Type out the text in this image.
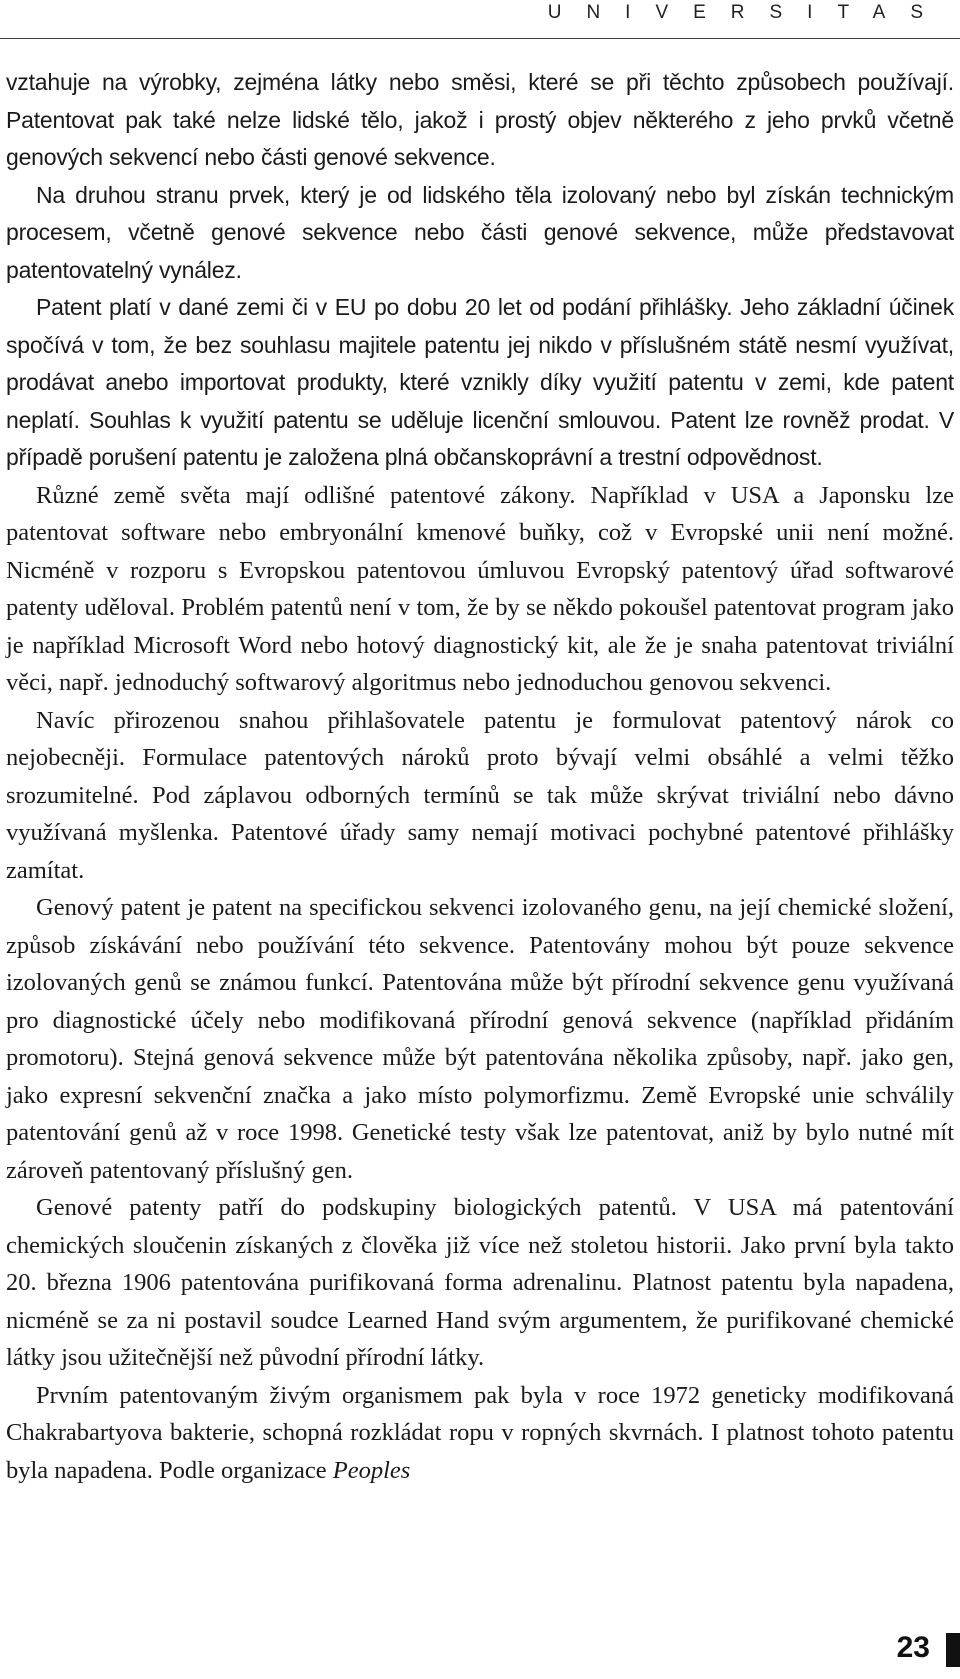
UNIVERSITAS

vztahuje na výrobky, zejména látky nebo směsi, které se při těchto způsobech používají. Patentovat pak také nelze lidské tělo, jakož i prostý objev některého z jeho prvků včetně genových sekvencí nebo části genové sekvence.

Na druhou stranu prvek, který je od lidského těla izolovaný nebo byl získán technickým procesem, včetně genové sekvence nebo části genové sekvence, může představovat patentovatelný vynález.

Patent platí v dané zemi či v EU po dobu 20 let od podání přihlášky. Jeho základní účinek spočívá v tom, že bez souhlasu majitele patentu jej nikdo v příslušném státě nesmí využívat, prodávat anebo importovat produkty, které vznikly díky využití patentu v zemi, kde patent neplatí. Souhlas k využití patentu se uděluje licenční smlouvou. Patent lze rovněž prodat. V případě porušení patentu je založena plná občanskoprávní a trestní odpovědnost.

Různé země světa mají odlišné patentové zákony. Například v USA a Japonsku lze patentovat software nebo embryonální kmenové buňky, což v Evropské unii není možné. Nicméně v rozporu s Evropskou patentovou úmluvou Evropský patentový úřad softwarové patenty uděloval. Problém patentů není v tom, že by se někdo pokoušel patentovat program jako je například Microsoft Word nebo hotový diagnostický kit, ale že je snaha patentovat triviální věci, např. jednoduchý softwarový algoritmus nebo jednoduchou genovou sekvenci.

Navíc přirozenou snahou přihlašovatele patentu je formulovat patentový nárok co nejobecněji. Formulace patentových nároků proto bývají velmi obsáhlé a velmi těžko srozumitelné. Pod záplavou odborných termínů se tak může skrývat triviální nebo dávno využívaná myšlenka. Patentové úřady samy nemají motivaci pochybné patentové přihlášky zamítat.

Genový patent je patent na specifickou sekvenci izolovaného genu, na její chemické složení, způsob získávání nebo používání této sekvence. Patentovány mohou být pouze sekvence izolovaných genů se známou funkcí. Patentována může být přírodní sekvence genu využívaná pro diagnostické účely nebo modifikovaná přírodní genová sekvence (například přidáním promotoru). Stejná genová sekvence může být patentována několika způsoby, např. jako gen, jako expresní sekvenční značka a jako místo polymorfizmu. Země Evropské unie schválily patentování genů až v roce 1998. Genetické testy však lze patentovat, aniž by bylo nutné mít zároveň patentovaný příslušný gen.

Genové patenty patří do podskupiny biologických patentů. V USA má patentování chemických sloučenin získaných z člověka již více než stoletou historii. Jako první byla takto 20. března 1906 patentována purifikovaná forma adrenalinu. Platnost patentu byla napadena, nicméně se za ni postavil soudce Learned Hand svým argumentem, že purifikované chemické látky jsou užitečnější než původní přírodní látky.

Prvním patentovaným živým organismem pak byla v roce 1972 geneticky modifikovaná Chakrabartyova bakterie, schopná rozkládat ropu v ropných skvrnách. I platnost tohoto patentu byla napadena. Podle organizace Peoples

23
